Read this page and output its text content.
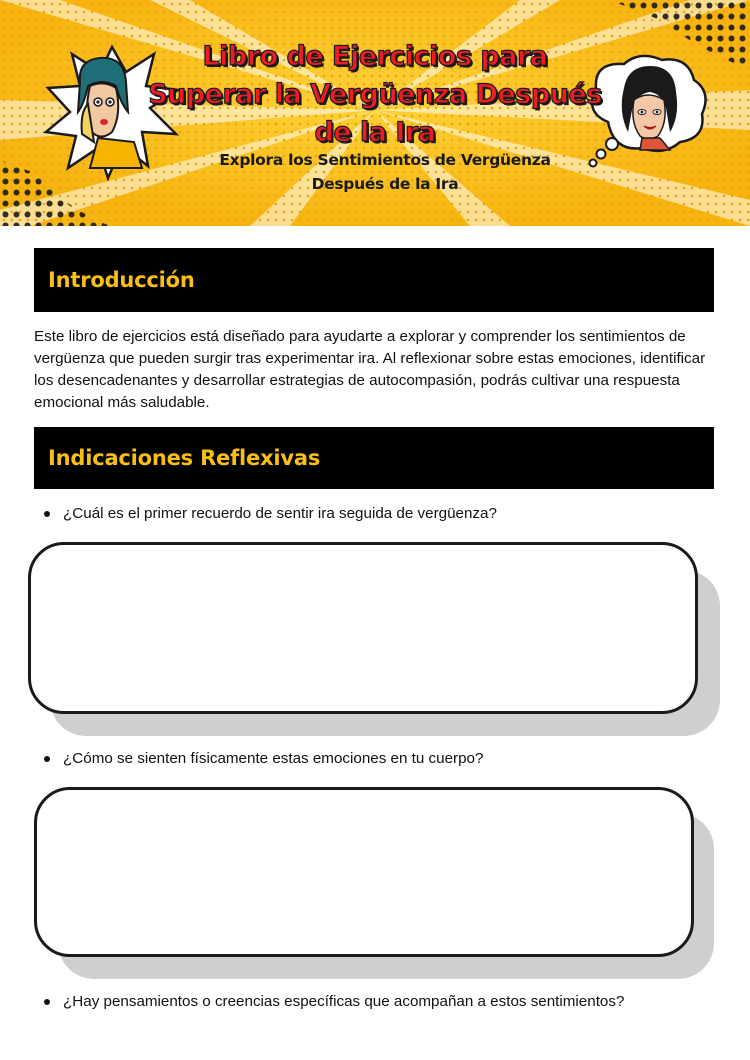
Libro de Ejercicios para Superar la Vergüenza Después de la Ira
Explora los Sentimientos de Vergüenza Después de la Ira
Introducción

Este libro de ejercicios está diseñado para ayudarte a explorar y comprender los sentimientos de vergüenza que pueden surgir tras experimentar ira. Al reflexionar sobre estas emociones, identificar los desencadenantes y desarrollar estrategias de autocompasión, podrás cultivar una respuesta emocional más saludable.

Indicaciones Reflexivas
¿Cuál es el primer recuerdo de sentir ira seguida de vergüenza?
¿Cómo se sienten físicamente estas emociones en tu cuerpo?
¿Hay pensamientos o creencias específicas que acompañan a estos sentimientos?
